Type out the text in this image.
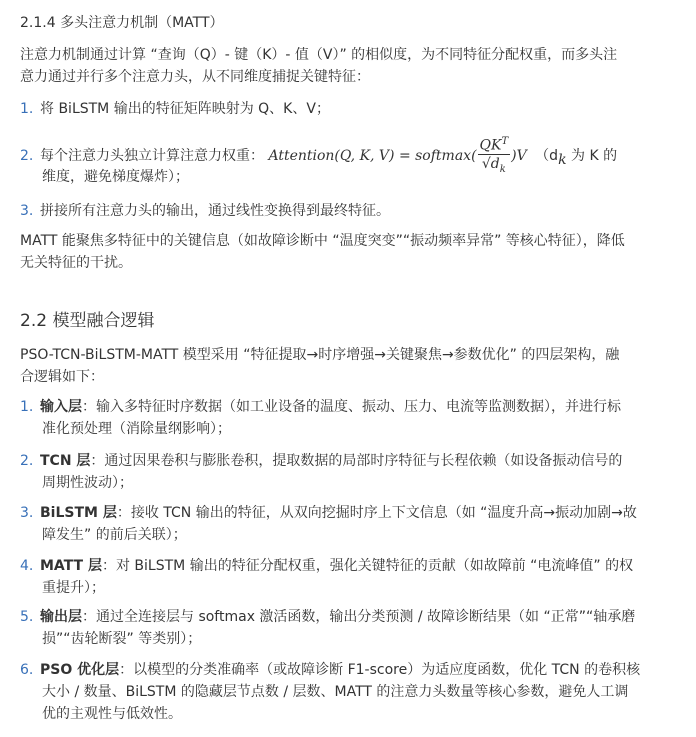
2.1.4 多头注意力机制（MATT）
注意力机制通过计算 “查询（Q）- 键（K）- 值（V）” 的相似度，为不同特征分配权重，而多头注
意力通过并行多个注意力头，从不同维度捕捉关键特征：
1. 将 BiLSTM 输出的特征矩阵映射为 Q、K、V；
2. 每个注意力头独立计算注意力权重： Attention(Q, K, V) = softmax( $\frac{QK^T}{√d_k} )V$ （$d_k$ 为 K 的
维度，避免梯度爆炸）；
3. 拼接所有注意力头的输出，通过线性变换得到最终特征。
MATT 能聚焦多特征中的关键信息（如故障诊断中 “温度突变”“振动频率异常” 等核心特征），降低
无关特征的干扰。
2.2 模型融合逻辑
PSO-TCN-BiLSTM-MATT 模型采用 “特征提取→时序增强→关键聚焦→参数优化” 的四层架构，融
合逻辑如下：
1. 输入层：输入多特征时序数据（如工业设备的温度、振动、压力、电流等监测数据），并进行标
准化预处理（消除量纲影响）；
2. TCN 层：通过因果卷积与膨胀卷积，提取数据的局部时序特征与长程依赖（如设备振动信号的
周期性波动）；
3. BiLSTM 层：接收 TCN 输出的特征，从双向挖掘时序上下文信息（如 “温度升高→振动加剧→故
障发生” 的前后关联）；
4. MATT 层：对 BiLSTM 输出的特征分配权重，强化关键特征的贡献（如故障前 “电流峰值” 的权
重提升）；
5. 输出层：通过全连接层与 softmax 激活函数，输出分类预测 / 故障诊断结果（如 “正常”“轴承磨
损”“齿轮断裂” 等类别）；
6. PSO 优化层：以模型的分类准确率（或故障诊断 F1-score）为适应度函数，优化 TCN 的卷积核
大小 / 数量、BiLSTM 的隐藏层节点数 / 层数、MATT 的注意力头数量等核心参数，避免人工调
优的主观性与低效性。
